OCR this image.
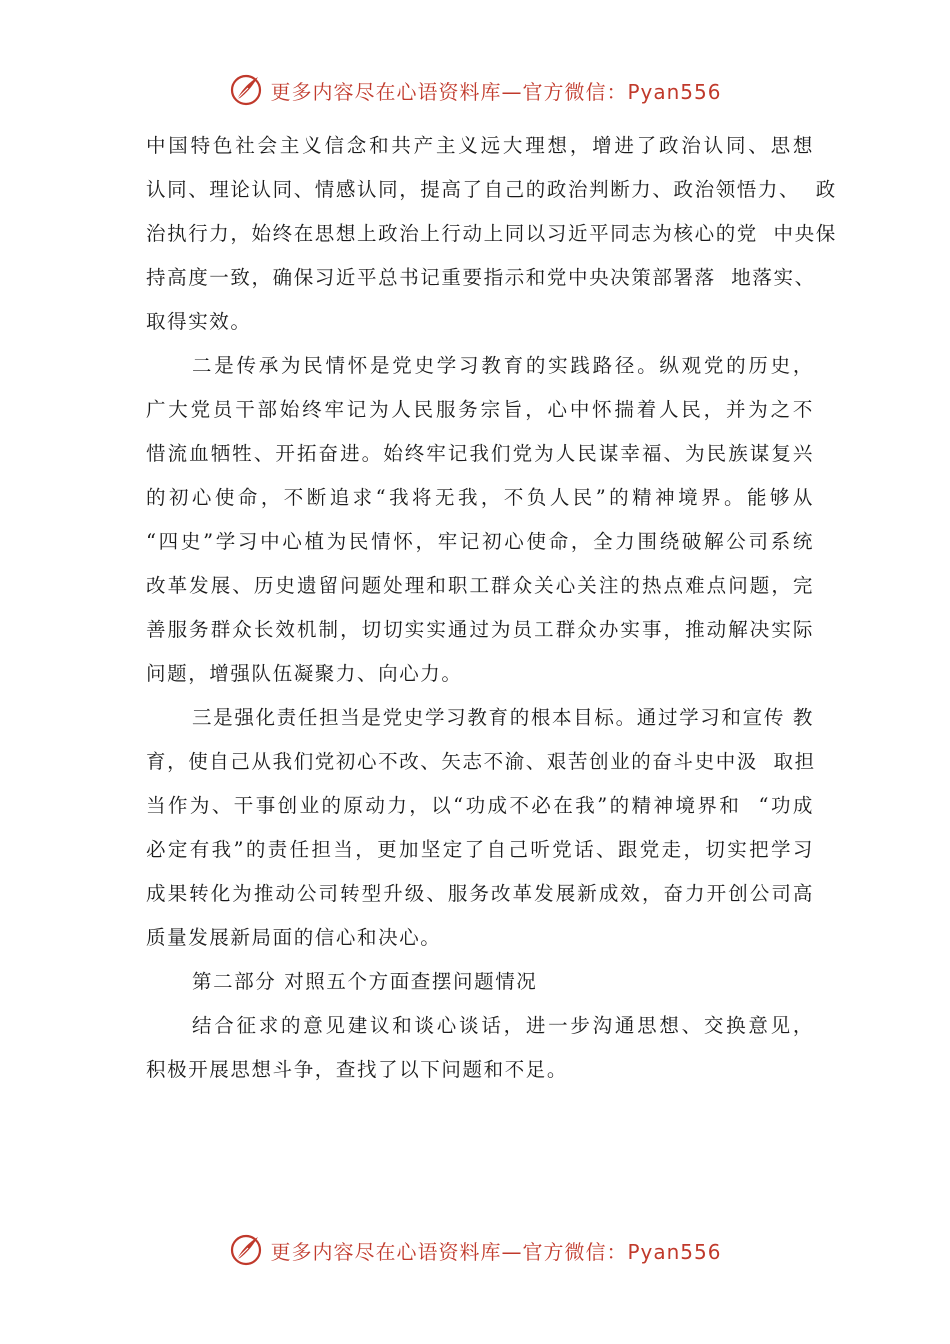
更多内容尽在心语资料库—官方微信：Pyan556
中国特色社会主义信念和共产主义远大理想，增进了政治认同、思想
认同、理论认同、情感认同，提高了自己的政治判断力、政治领悟力、  政
治执行力，始终在思想上政治上行动上同以习近平同志为核心的党  中央保
持高度一致，确保习近平总书记重要指示和党中央决策部署落  地落实、
取得实效。
二是传承为民情怀是党史学习教育的实践路径。纵观党的历史，
广大党员干部始终牢记为人民服务宗旨，心中怀揣着人民，并为之不
惜流血牺牲、开拓奋进。始终牢记我们党为人民谋幸福、为民族谋复兴
的初心使命，不断追求“我将无我，不负人民”的精神境界。能够从
“四史”学习中心植为民情怀，牢记初心使命，全力围绕破解公司系统
改革发展、历史遗留问题处理和职工群众关心关注的热点难点问题，完
善服务群众长效机制，切切实实通过为员工群众办实事，推动解决实际
问题，增强队伍凝聚力、向心力。
三是强化责任担当是党史学习教育的根本目标。通过学习和宣传 教
育，使自己从我们党初心不改、矢志不渝、艰苦创业的奋斗史中汲  取担
当作为、干事创业的原动力，以“功成不必在我”的精神境界和  “功成
必定有我”的责任担当，更加坚定了自己听党话、跟党走，切实把学习
成果转化为推动公司转型升级、服务改革发展新成效，奋力开创公司高
质量发展新局面的信心和决心。
第二部分 对照五个方面查摆问题情况
结合征求的意见建议和谈心谈话，进一步沟通思想、交换意见，
积极开展思想斗争，查找了以下问题和不足。
更多内容尽在心语资料库—官方微信：Pyan556
